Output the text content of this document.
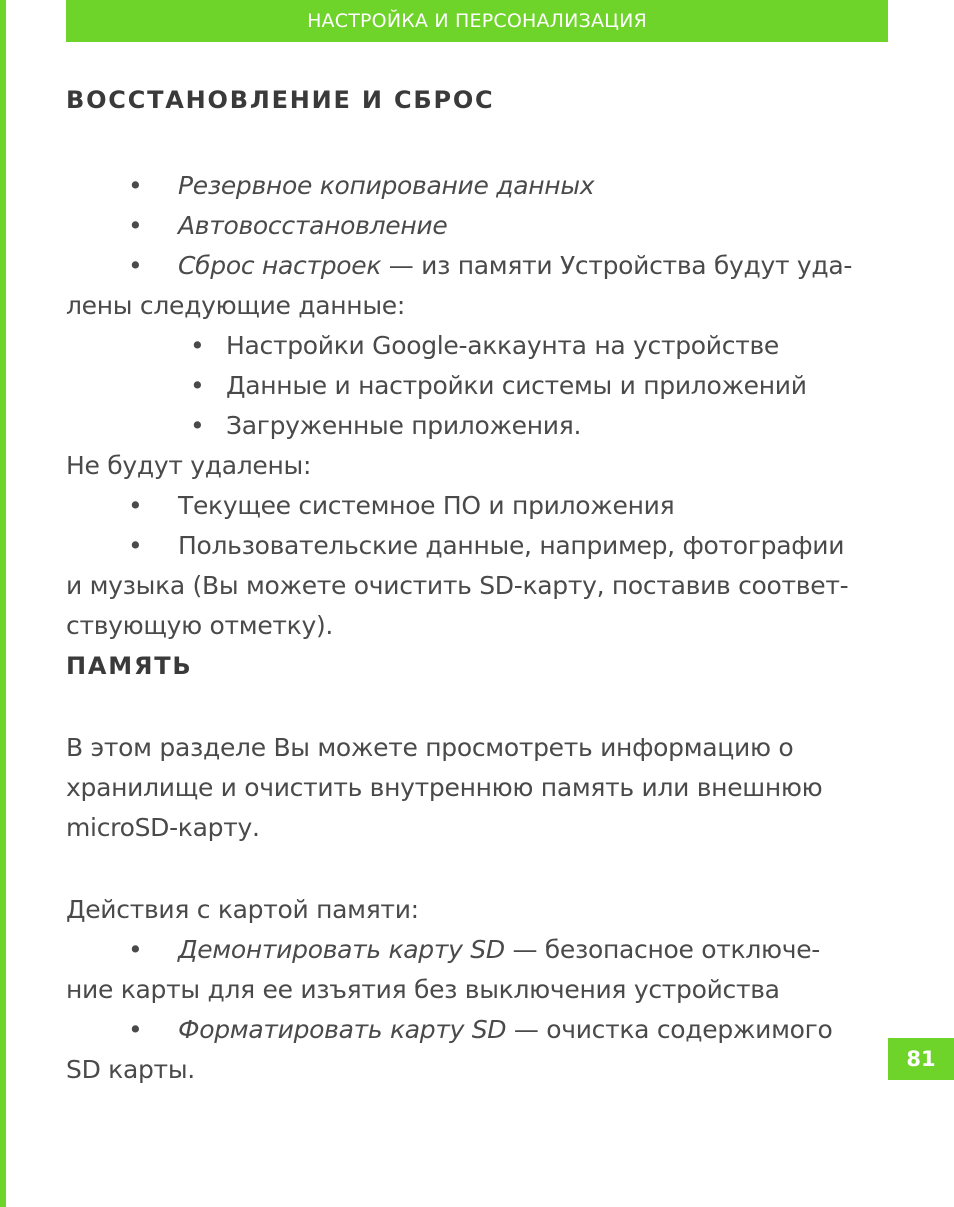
НАСТРОЙКА И ПЕРСОНАЛИЗАЦИЯ
ВОССТАНОВЛЕНИЕ И СБРОС
• Резервное копирование данных
• Автовосстановление
• Сброс настроек — из памяти Устройства будут уда-
лены следующие данные:
• Настройки Google-аккаунта на устройстве
• Данные и настройки системы и приложений
• Загруженные приложения.
Не будут удалены:
• Текущее системное ПО и приложения
• Пользовательские данные, например, фотографии
и музыка (Вы можете очистить SD-карту, поставив соответ-
ствующую отметку).
ПАМЯТЬ
В этом разделе Вы можете просмотреть информацию о
хранилище и очистить внутреннюю память или внешнюю
microSD-карту.
Действия с картой памяти:
• Демонтировать карту SD — безопасное отключе-
ние карты для ее изъятия без выключения устройства
• Форматировать карту SD — очистка содержимого
SD карты.	81
